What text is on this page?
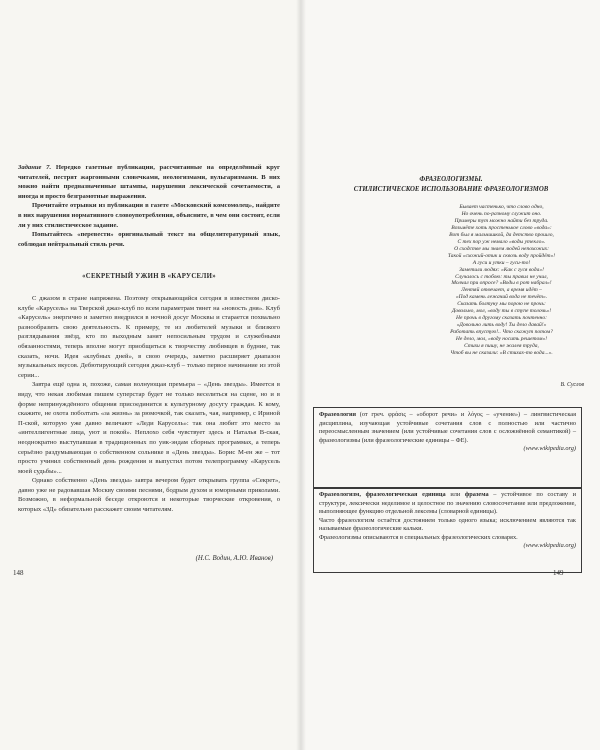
Задание 7. Нередко газетные публикации, рассчитанные на определённый круг читателей, пестрят жаргонными словечками, неологизмами, вульгаризмами. В них можно найти предназначенные штампы, нарушения лексической сочетаемости, а иногда и просто безграмотные выражения.

Прочитайте отрывки из публикации в газете «Московский комсомолец», найдите в них нарушения нормативного словоупотребления, объясните, в чем они состоят, если ли у них стилистическое задание.

Попытайтесь «перевести» оригинальный текст на общелитературный язык, соблюдая нейтральный стиль речи.

«СЕКРЕТНЫЙ УЖИН В «КАРУСЕЛИ»

С джазом в стране напряжена. Поэтому открывающийся сегодня в известном диско-клубе «Карусель» на Тверской джаз-клуб по всем параметрам тянет на «новость дня». Клуб «Карусель» энергично и заметно внедрился в ночной досуг Москвы и старается похвально разнообразить свою деятельность. К примеру, те из любителей музыки и близкого разглядывания звёзд, кто по выходным занят непосильным трудом и служебными обязанностями, теперь вполне могут приобщиться к творчеству любимцев в будние, так сказать, ночи. Идея «клубных дней», в свою очередь, заметно расширяет диапазон музыкальных вкусов. Дебютирующий сегодня джаз-клуб – только первое начинание из этой серии...

Завтра ещё одна и, похоже, самая волнующая премьера – «День звезды». Имеется в виду, что некая любимая пишем суперстар будет не только веселиться на сцене, но и в форме непринуждённого общения присоединится к культурному досугу граждан. К кому, скажите, не охота поболтать «за жизнь» за рюмочкой, так сказать, чая, например, с Ириной П-ской, которую уже давно величают «Леди Карусель»: так она любит это место за «интеллигентные лица, уют и покой». Неплохо себя чувствует здесь и Наталья В-ская, неоднократно выступавшая в традиционных по уик-эндам сборных программах, а теперь серьёзно раздумывающая о собственном сольнике в «День звезды». Борис М-ен же – тот просто учинил собственный день рождения и выпустил потом телепрограмму «Карусель моей судьбы»...

Однако собственно «День звезды» завтра вечером будет открывать группа «Секрет», давно уже не радовавшая Москву своими песнями, бодрым духом и юморными приколами. Возможно, в неформальной беседе откроются и некоторые творческие откровения, о которых «ЗД» обязательно расскажет своим читателям.

(Н.С. Водин, А.Ю. Иванов)
148
ФРАЗЕОЛОГИЗМЫ.
СТИЛИСТИЧЕСКОЕ ИСПОЛЬЗОВАНИЕ ФРАЗЕОЛОГИЗМОВ
Бывает частенько, что слово одно,
Но очень по-разному служит оно.
Примеры тут можно найти без труда.
Возьмёте хоть простенькое слово «вода»:
Вот был я мальчишкой, да детство прошло,
С тех пор уж немало «воды утекло».
О сходстве мы знаем людей непохожих:
Такой «схожий-отик и сквозь воду пройдёт»!
А гуси и утки – гуси-то!
Заметили людях: «Как с гуся вода»!
Случалось с тобою: ты правил не учил,
Молчал при опросе? «Воды в рот набрал»!
Лентяй отвечает, а время идёт –
«Под камень лежачий вода не течёт».
Сказать болтуну мы порою не прочь:
Довольно, мол, «воду ты в ступе толочь»!
Не прочь в другому сказать почтенно:
«Довольно лить воду! Ты дело давай!»
Работать впустую!.. Что скажут потом?
Не дело, мол, «воду носить решетом»!
Стихи я пишу, не жалея труда,
Чтоб вы не сказали: «В стихах-то вода...».
В. Суслов

Фразеология (от греч. φράσις – «оборот речи» и λόγος – «учение») – лингвистическая дисциплина, изучающая устойчивые сочетания слов с полностью или частично переосмысленным значением (или устойчивые сочетания слов с осложнённой семантикой) – фразеологизмы (или фразеологические единицы – ФЕ).

(www.wikipedia.org)

Фразеологизм, фразеологическая единица или фразема – устойчивое по составу и структуре, лексически неделимое и целостное по значению словосочетание или предложение, выполняющее функцию отдельной лексемы (словарной единицы).

Часто фразеологизм остаётся достоянием только одного языка; исключением являются так называемые фразеологические кальки.

Фразеологизмы описываются в специальных фразеологических словарях.

(www.wikipedia.org)

149
